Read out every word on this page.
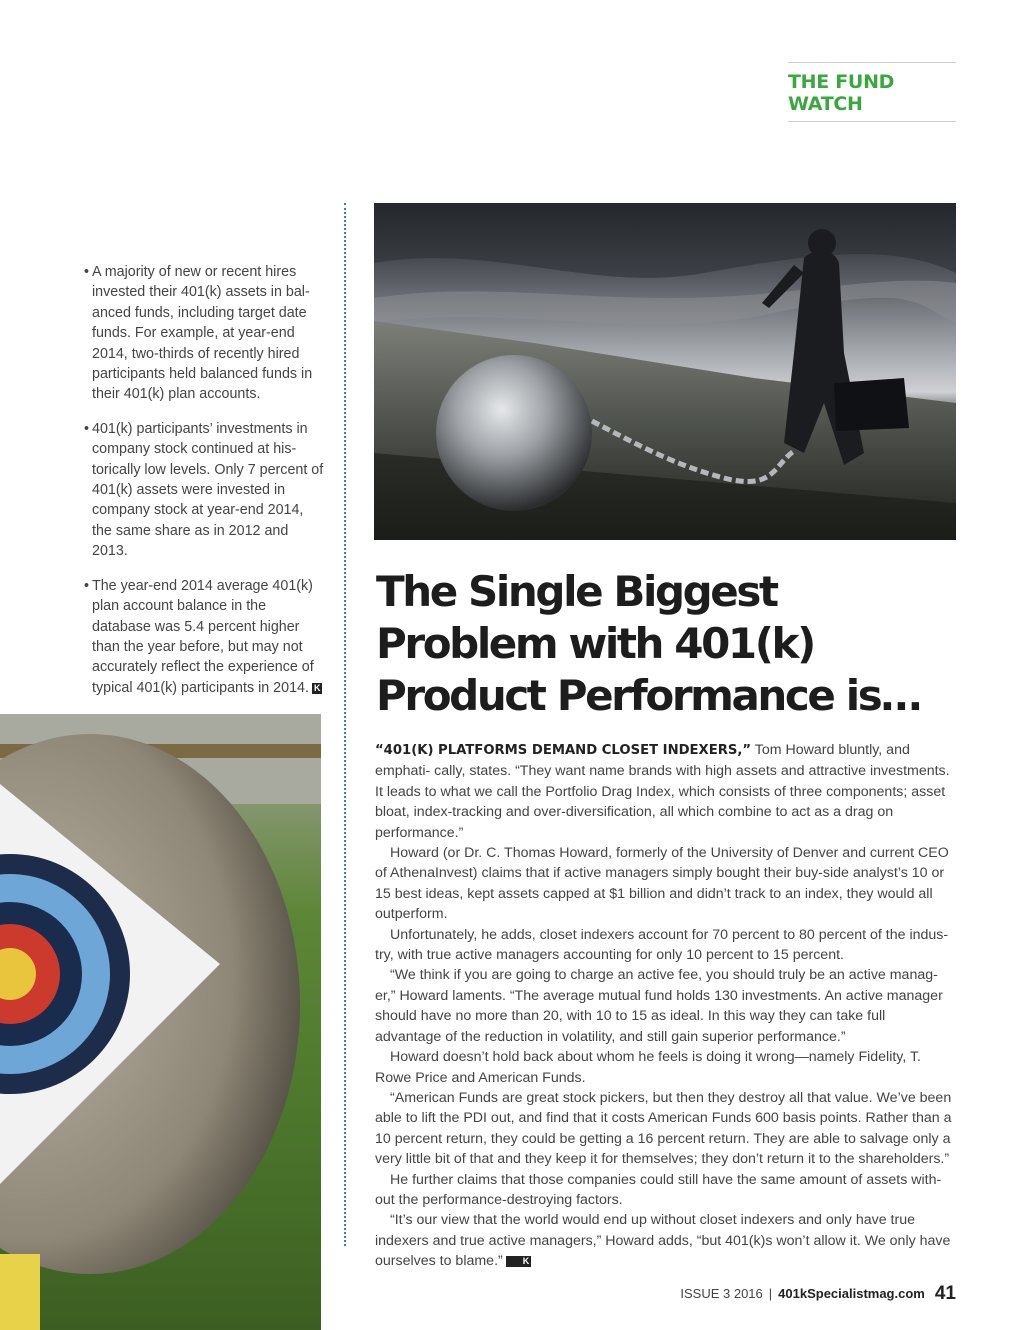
THE FUND WATCH
• A majority of new or recent hires invested their 401(k) assets in bal- anced funds, including target date funds. For example, at year-end 2014, two-thirds of recently hired participants held balanced funds in their 401(k) plan accounts.
• 401(k) participants’ investments in company stock continued at his- torically low levels. Only 7 percent of 401(k) assets were invested in company stock at year-end 2014, the same share as in 2012 and 2013.
• The year-end 2014 average 401(k) plan account balance in the database was 5.4 percent higher than the year before, but may not accurately reflect the experience of typical 401(k) participants in 2014. K
The Single Biggest Problem with 401(k) Product Performance is…

“401(K) PLATFORMS DEMAND CLOSET INDEXERS,” Tom Howard bluntly, and emphati- cally, states. “They want name brands with high assets and attractive investments. It leads to what we call the Portfolio Drag Index, which consists of three components; asset bloat, index-tracking and over-diversification, all which combine to act as a drag on performance.”

Howard (or Dr. C. Thomas Howard, formerly of the University of Denver and current CEO of AthenaInvest) claims that if active managers simply bought their buy-side analyst’s 10 or 15 best ideas, kept assets capped at $1 billion and didn’t track to an index, they would all outperform.

Unfortunately, he adds, closet indexers account for 70 percent to 80 percent of the indus- try, with true active managers accounting for only 10 percent to 15 percent.

“We think if you are going to charge an active fee, you should truly be an active manag- er,” Howard laments. “The average mutual fund holds 130 investments. An active manager should have no more than 20, with 10 to 15 as ideal. In this way they can take full advantage of the reduction in volatility, and still gain superior performance.”

Howard doesn’t hold back about whom he feels is doing it wrong—namely Fidelity, T. Rowe Price and American Funds.

“American Funds are great stock pickers, but then they destroy all that value. We’ve been able to lift the PDI out, and find that it costs American Funds 600 basis points. Rather than a 10 percent return, they could be getting a 16 percent return. They are able to salvage only a very little bit of that and they keep it for themselves; they don’t return it to the shareholders.”

He further claims that those companies could still have the same amount of assets with- out the performance-destroying factors.

“It’s our view that the world would end up without closet indexers and only have true indexers and true active managers,” Howard adds, “but 401(k)s won’t allow it. We only have ourselves to blame.” K

ISSUE 3 2016 | 401kSpecialistmag.com 41
